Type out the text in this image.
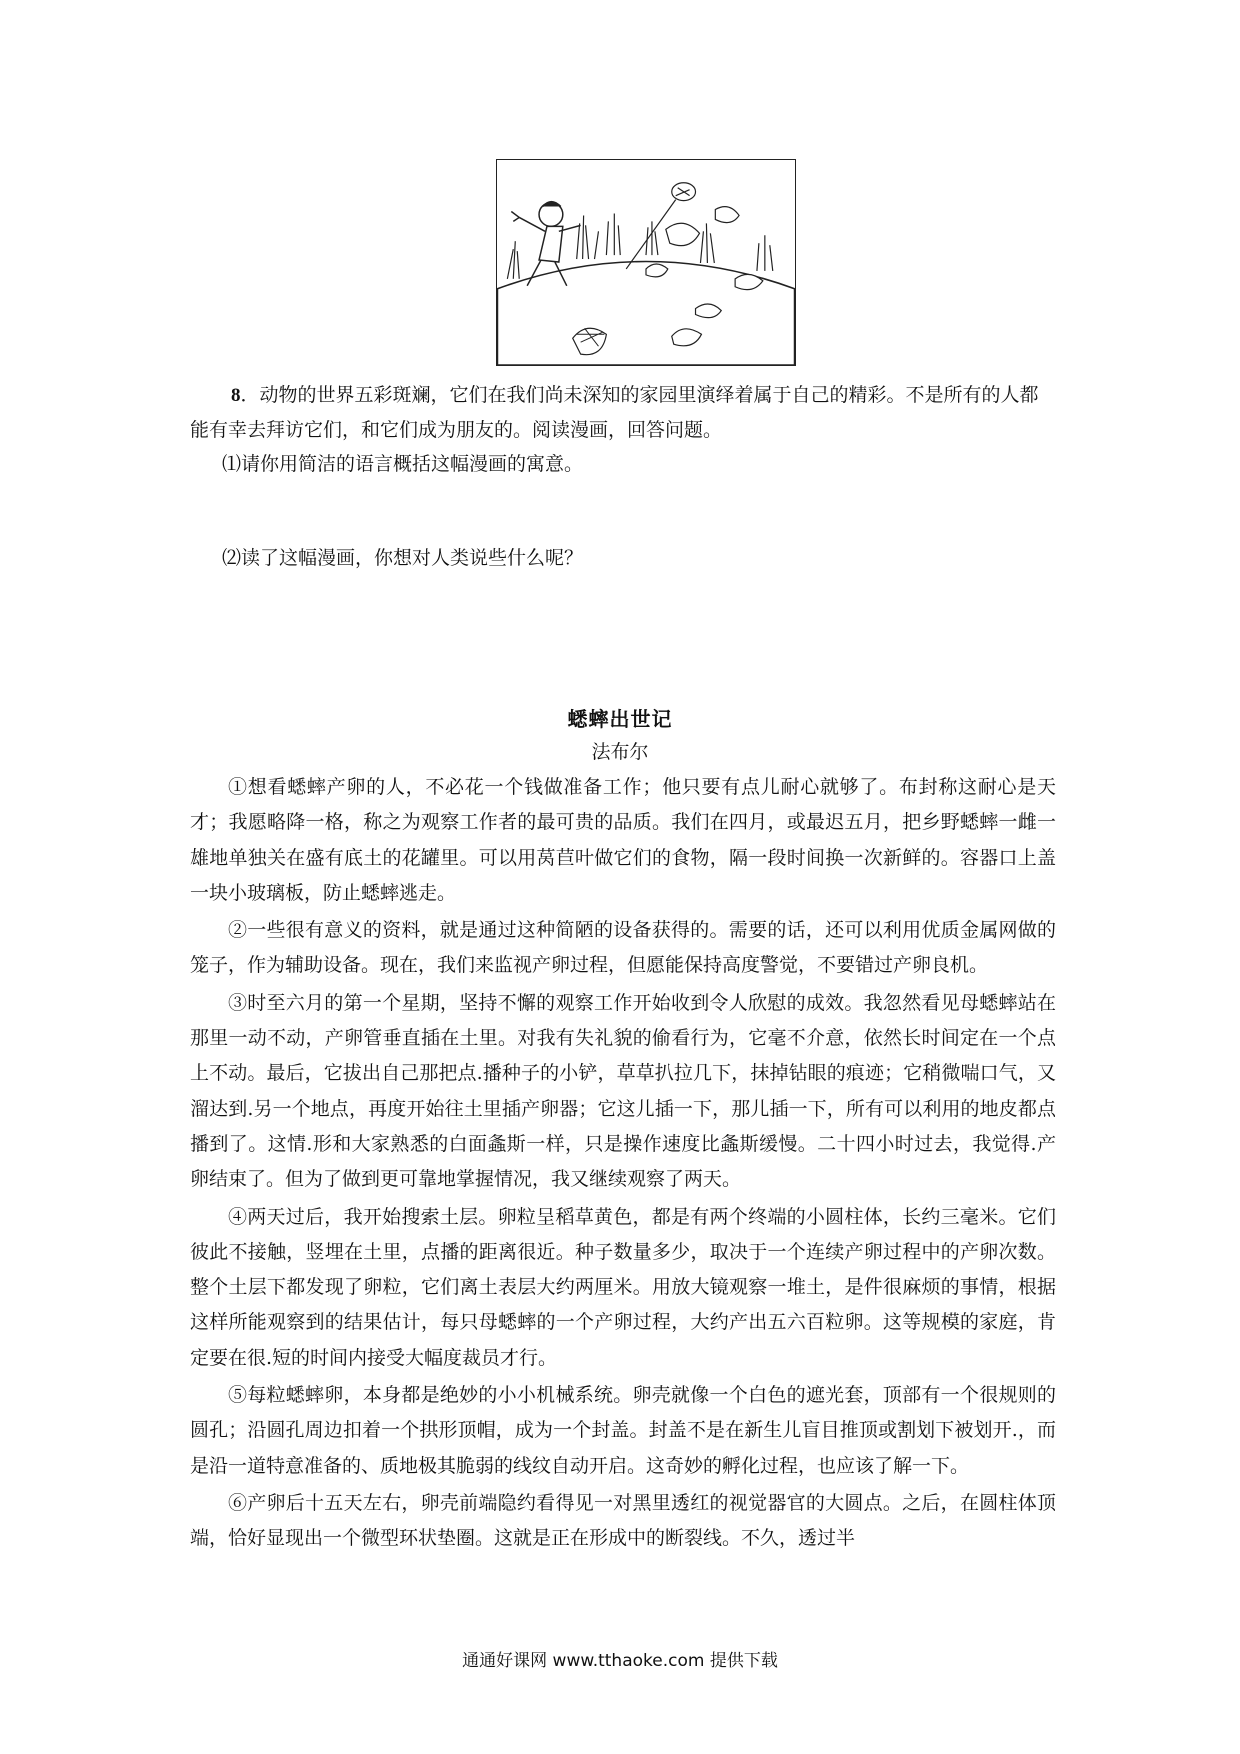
8．动物的世界五彩斑斓，它们在我们尚未深知的家园里演绎着属于自己的精彩。不是所有的人都能有幸去拜访它们，和它们成为朋友的。阅读漫画，回答问题。
⑴请你用简洁的语言概括这幅漫画的寓意。
⑵读了这幅漫画，你想对人类说些什么呢？
蟋蟀出世记
法布尔

①想看蟋蟀产卵的人，不必花一个钱做准备工作；他只要有点儿耐心就够了。布封称这耐心是天才；我愿略降一格，称之为观察工作者的最可贵的品质。我们在四月，或最迟五月，把乡野蟋蟀一雌一雄地单独关在盛有底土的花罐里。可以用莴苣叶做它们的食物，隔一段时间换一次新鲜的。容器口上盖一块小玻璃板，防止蟋蟀逃走。

②一些很有意义的资料，就是通过这种简陋的设备获得的。需要的话，还可以利用优质金属网做的笼子，作为辅助设备。现在，我们来监视产卵过程，但愿能保持高度警觉，不要错过产卵良机。

③时至六月的第一个星期，坚持不懈的观察工作开始收到令人欣慰的成效。我忽然看见母蟋蟀站在那里一动不动，产卵管垂直插在土里。对我有失礼貌的偷看行为，它毫不介意，依然长时间定在一个点上不动。最后，它拔出自己那把点.播种子的小铲，草草扒拉几下，抹掉钻眼的痕迹；它稍微喘口气，又溜达到.另一个地点，再度开始往土里插产卵器；它这儿插一下，那儿插一下，所有可以利用的地皮都点播到了。这情.形和大家熟悉的白面螽斯一样，只是操作速度比螽斯缓慢。二十四小时过去，我觉得.产卵结束了。但为了做到更可靠地掌握情况，我又继续观察了两天。

④两天过后，我开始搜索土层。卵粒呈稻草黄色，都是有两个终端的小圆柱体，长约三毫米。它们彼此不接触，竖埋在土里，点播的距离很近。种子数量多少，取决于一个连续产卵过程中的产卵次数。整个土层下都发现了卵粒，它们离土表层大约两厘米。用放大镜观察一堆土，是件很麻烦的事情，根据这样所能观察到的结果估计，每只母蟋蟀的一个产卵过程，大约产出五六百粒卵。这等规模的家庭，肯定要在很.短的时间内接受大幅度裁员才行。

⑤每粒蟋蟀卵，本身都是绝妙的小小机械系统。卵壳就像一个白色的遮光套，顶部有一个很规则的圆孔；沿圆孔周边扣着一个拱形顶帽，成为一个封盖。封盖不是在新生儿盲目推顶或割划下被划开.，而是沿一道特意准备的、质地极其脆弱的线纹自动开启。这奇妙的孵化过程，也应该了解一下。

⑥产卵后十五天左右，卵壳前端隐约看得见一对黑里透红的视觉器官的大圆点。之后，在圆柱体顶端，恰好显现出一个微型环状垫圈。这就是正在形成中的断裂线。不久，透过半

通通好课网 www.tthaoke.com 提供下载
